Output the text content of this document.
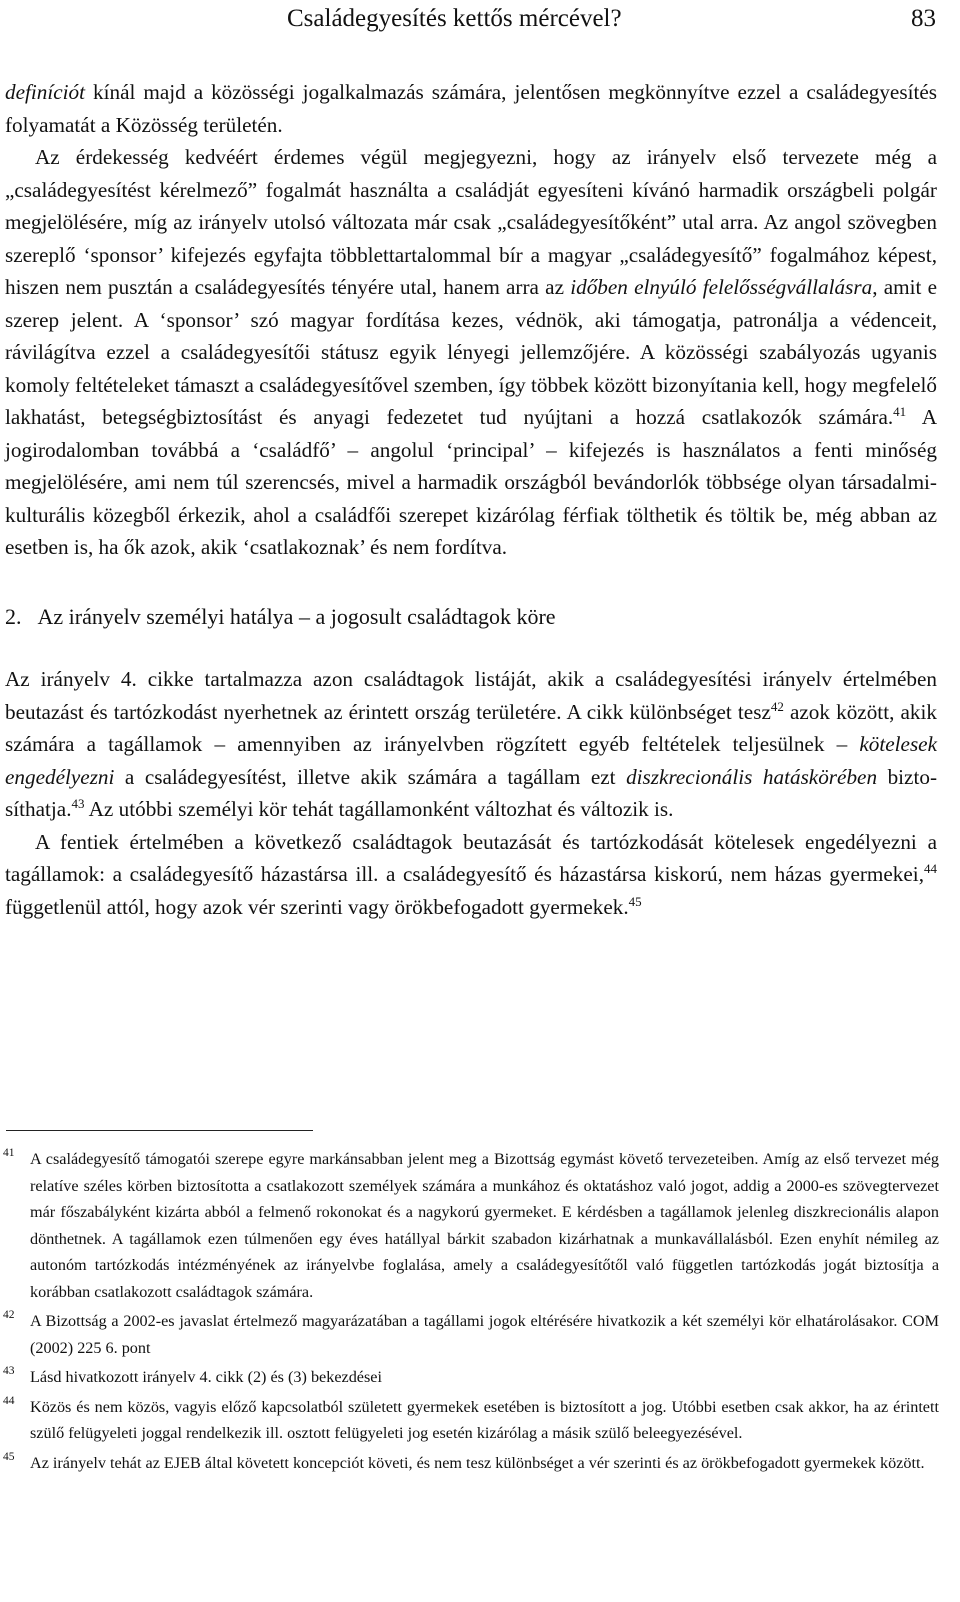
Családegyesítés kettős mércével?	83

definíciót kínál majd a közösségi jogalkalmazás számára, jelentősen megkönnyítve ezzel a családegyesítés folyamatát a Közösség területén.

Az érdekesség kedvéért érdemes végül megjegyezni, hogy az irányelv első tervezete még a „családegyesítést kérelmező” fogalmát használta a családját egyesíteni kívánó harmadik országbeli polgár megjelölésére, míg az irányelv utolsó változata már csak „családegyesítőként” utal arra. Az angol szövegben szereplő ‘sponsor’ kifejezés egyfajta többlettartalommal bír a magyar „családegyesítő” fogalmához képest, hiszen nem pusztán a családegyesítés tényére utal, hanem arra az időben elnyúló felelősségvállalásra, amit e szerep jelent. A ‘sponsor’ szó magyar fordítása kezes, védnök, aki támogatja, patronálja a védenceit, rávilágítva ezzel a családegyesítői státusz egyik lényegi jellemzőjére. A közösségi szabályozás ugyanis komoly feltételeket támaszt a családegyesítővel szemben, így többek között bizonyítania kell, hogy megfelelő lakhatást, betegségbiztosítást és anyagi fedezetet tud nyújtani a hozzá csatlakozók számára.$^{41}$ A jogirodalomban továbbá a ‘családfő’ – angolul ‘principal’ – kifejezés is használatos a fenti minőség megjelölésére, ami nem túl szerencsés, mivel a harmadik országból bevándorlók többsége olyan társadalmi-kulturális közegből érkezik, ahol a családfői szerepet kizárólag férfiak tölthetik és töltik be, még abban az esetben is, ha ők azok, akik ‘csatlakoznak’ és nem fordítva.

2. Az irányelv személyi hatálya – a jogosult családtagok köre

Az irányelv 4. cikke tartalmazza azon családtagok listáját, akik a családegyesítési irányelv értelmében beutazást és tartózkodást nyerhetnek az érintett ország területére. A cikk különbséget tesz$^{42}$ azok között, akik számára a tagállamok – amennyiben az irányelvben rögzített egyéb feltételek teljesülnek – kötelesek engedélyezni a családegyesítést, illetve akik számára a tagállam ezt diszkrecionális hatáskörében biztosíthatja.$^{43}$ Az utóbbi személyi kör tehát tagállamonként változhat és változik is.

A fentiek értelmében a következő családtagok beutazását és tartózkodását kötelesek engedélyezni a tagállamok: a családegyesítő házastársa ill. a családegyesítő és házastársa kiskorú, nem házas gyermekei,$^{44}$ függetlenül attól, hogy azok vér szerinti vagy örökbefogadott gyermekek.$^{45}$

41 A családegyesítő támogatói szerepe egyre markánsabban jelent meg a Bizottság egymást követő tervezeteiben. Amíg az első tervezet még relatíve széles körben biztosította a csatlakozott személyek számára a munkához és oktatáshoz való jogot, addig a 2000-es szövegtervezet már főszabályként kizárta abból a felmenő rokonokat és a nagykorú gyermeket. E kérdésben a tagállamok jelenleg diszkrecionális alapon dönthetnek. A tagállamok ezen túlmenően egy éves hatállyal bárkit szabadon kizárhatnak a munkavállаlásból. Ezen enyhít némileg az autonóm tartózkodás intézményének az irányelvbe foglalása, amely a családegyesítőtől való független tartózkodás jogát biztosítja a korábban csatlakozott családtagok számára.
42 A Bizottság a 2002-es javaslat értelmező magyarázatában a tagállami jogok eltérésére hivatkozik a két személyi kör elhatárolásakor. COM (2002) 225 6. pont
43 Lásd hivatkozott irányelv 4. cikk (2) és (3) bekezdései
44 Közös és nem közös, vagyis előző kapcsolatból született gyermekek esetében is biztosított a jog. Utóbbi esetben csak akkor, ha az érintett szülő felügyeleti joggal rendelkezik ill. osztott felügyeleti jog esetén kizárólag a másik szülő beleegyezésével.
45 Az irányelv tehát az EJEB által követett koncepciót követi, és nem tesz különbséget a vér szerinti és az örökbefogadott gyermekek között.
